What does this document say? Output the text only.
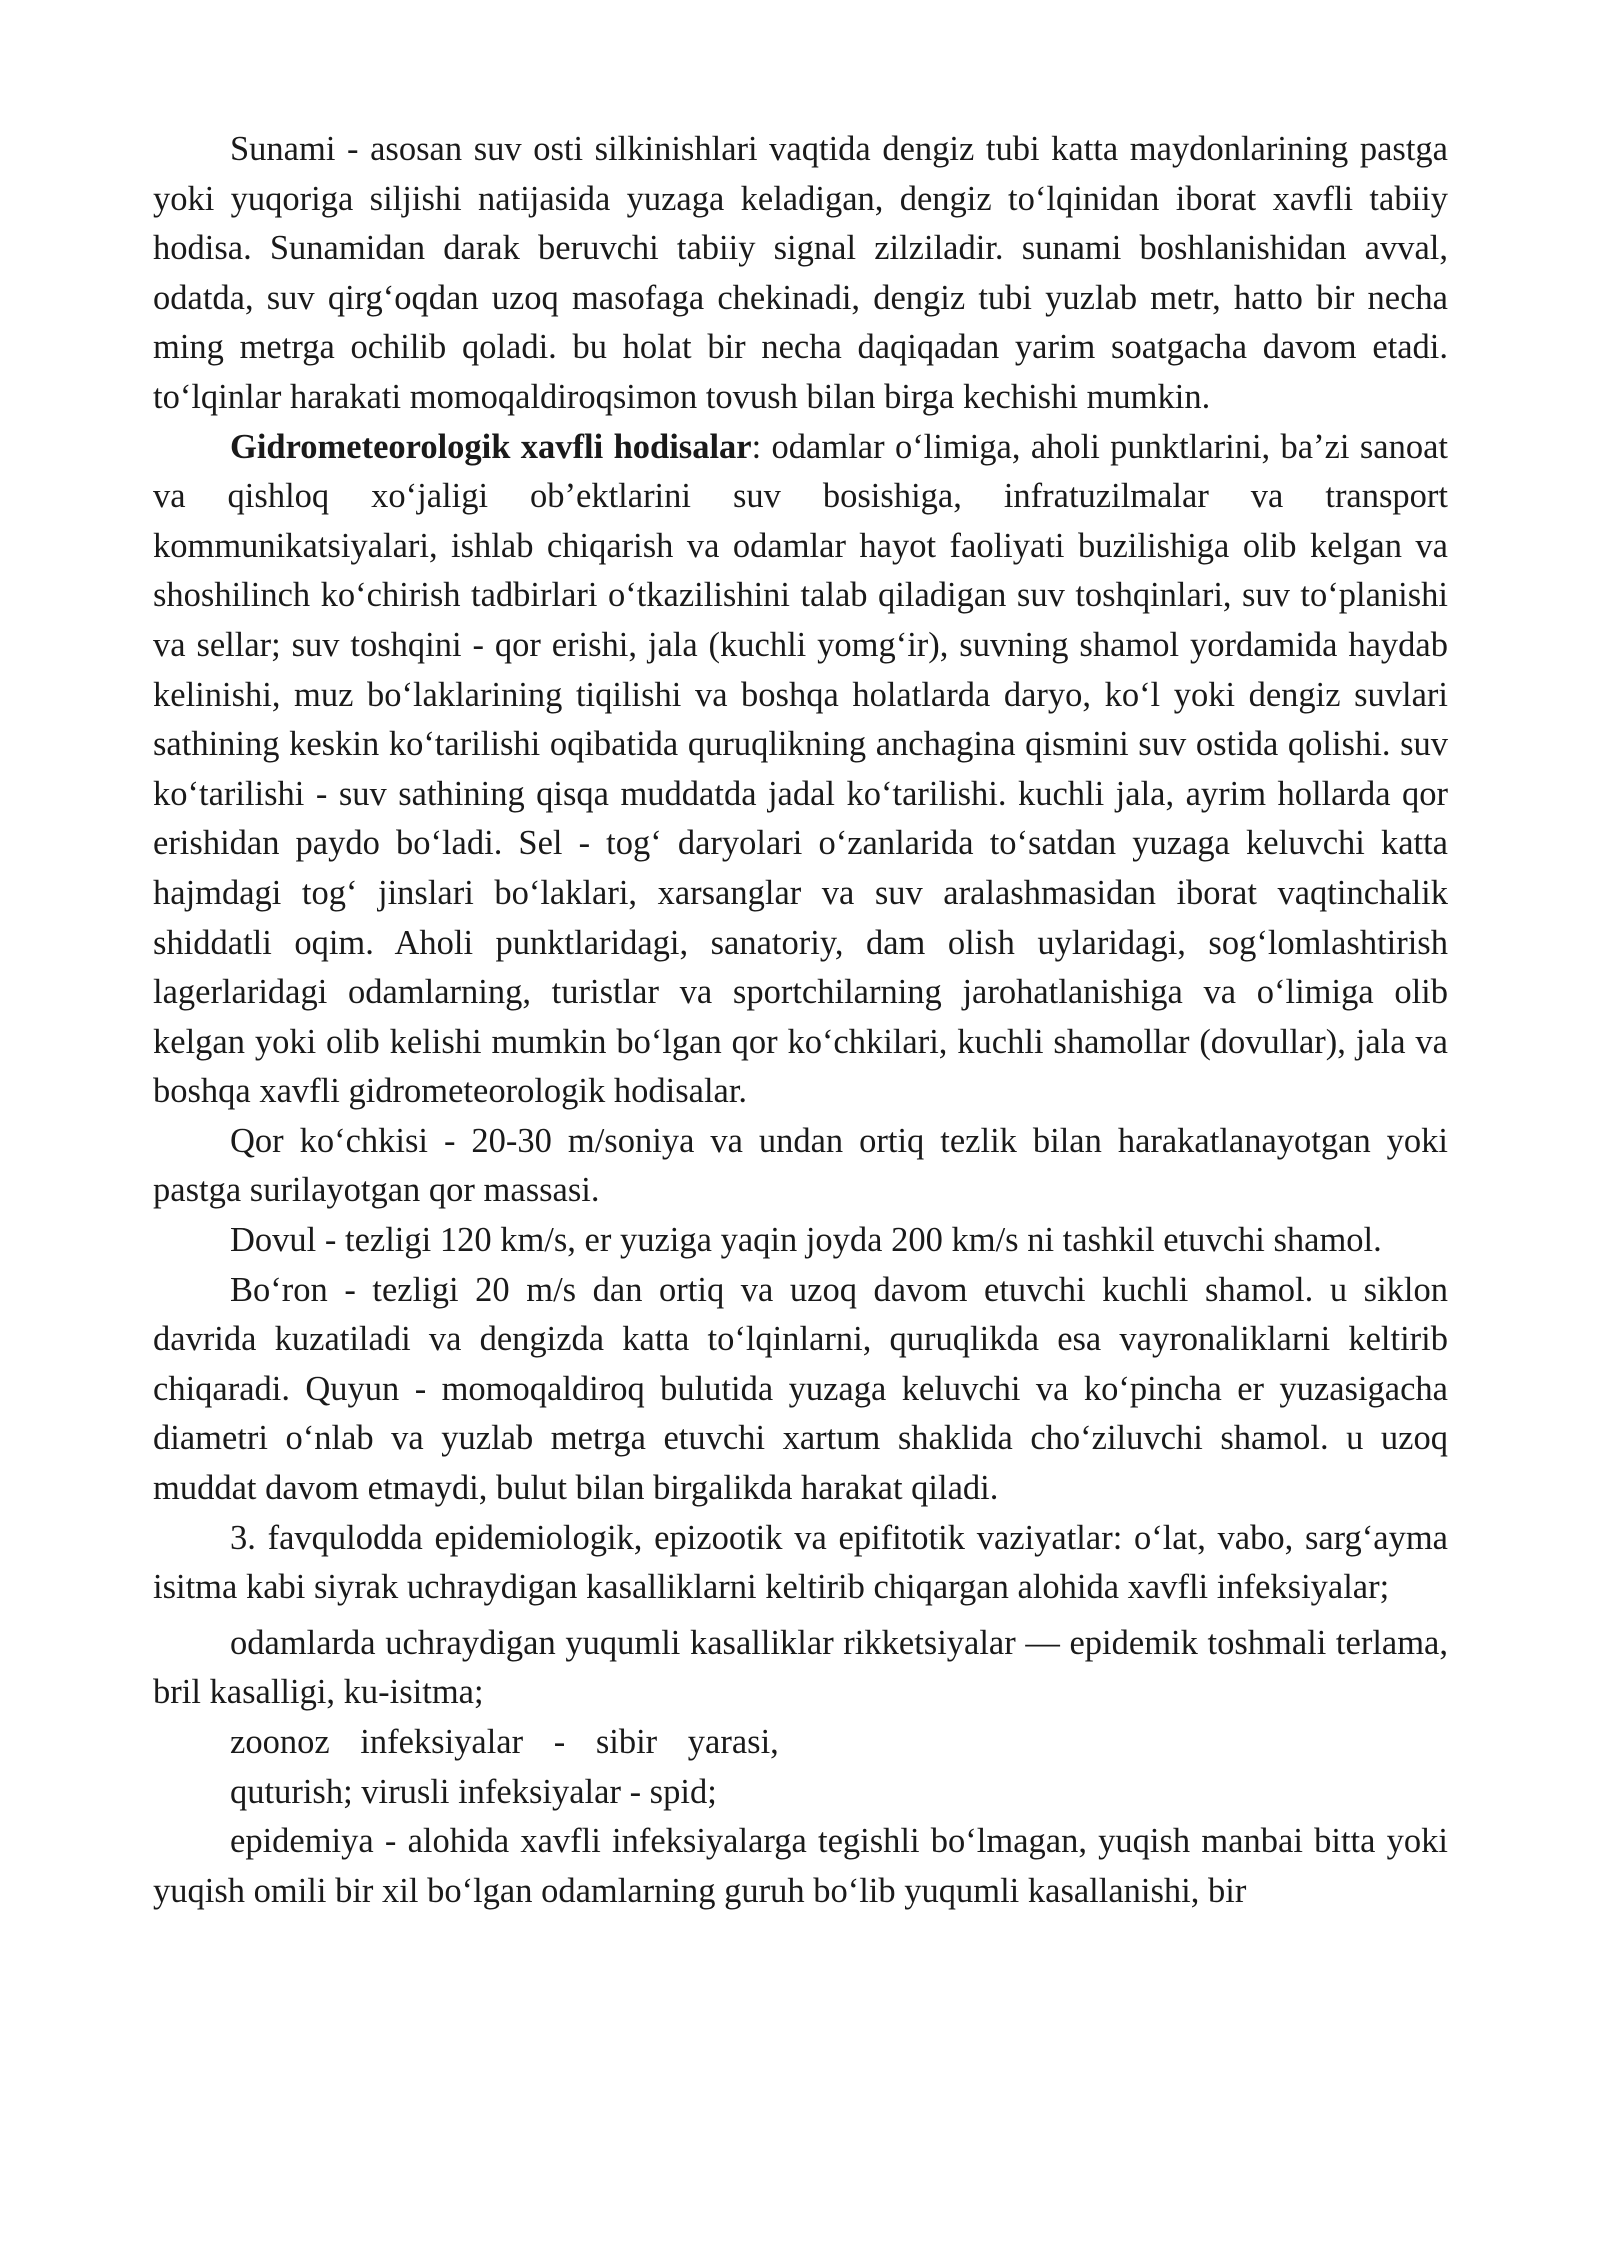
Sunami - asosan suv osti silkinishlari vaqtida dengiz tubi katta maydonlarining pastga yoki yuqoriga siljishi natijasida yuzaga keladigan, dengiz toʻlqinidan iborat xavfli tabiiy hodisa. Sunamidan darak beruvchi tabiiy signal zilziladir. sunami boshlanishidan avval, odatda, suv qirgʻoqdan uzoq masofaga chekinadi, dengiz tubi yuzlab metr, hatto bir necha ming metrga ochilib qoladi. bu holat bir necha daqiqadan yarim soatgacha davom etadi. toʻlqinlar harakati momoqaldiroqsimon tovush bilan birga kechishi mumkin.

Gidrometeorologik xavfli hodisalar: odamlar oʻlimiga, aholi punktlarini, baʼzi sanoat va qishloq xoʻjaligi obʼektlarini suv bosishiga, infratuzilmalar va transport kommunikatsiyalari, ishlab chiqarish va odamlar hayot faoliyati buzilishiga olib kelgan va shoshilinch koʻchirish tadbirlari oʻtkazilishini talab qiladigan suv toshqinlari, suv toʻplanishi va sellar; suv toshqini - qor erishi, jala (kuchli yomgʻir), suvning shamol yordamida haydab kelinishi, muz boʻlaklarining tiqilishi va boshqa holatlarda daryo, koʻl yoki dengiz suvlari sathining keskin koʻtarilishi oqibatida quruqlikning anchagina qismini suv ostida qolishi. suv koʻtarilishi - suv sathining qisqa muddatda jadal koʻtarilishi. kuchli jala, ayrim hollarda qor erishidan paydo boʻladi. Sel - togʻ daryolari oʻzanlarida toʻsatdan yuzaga keluvchi katta hajmdagi togʻ jinslari boʻlaklari, xarsanglar va suv aralashmasidan iborat vaqtinchalik shiddatli oqim. Aholi punktlaridagi, sanatoriy, dam olish uylaridagi, sogʻlomlashtirish lagerlaridagi odamlarning, turistlar va sportchilarning jarohatlanishiga va oʻlimiga olib kelgan yoki olib kelishi mumkin boʻlgan qor koʻchkilari, kuchli shamollar (dovullar), jala va boshqa xavfli gidrometeorologik hodisalar.

Qor koʻchkisi - 20-30 m/soniya va undan ortiq tezlik bilan harakatlanayotgan yoki pastga surilayotgan qor massasi.

Dovul - tezligi 120 km/s, er yuziga yaqin joyda 200 km/s ni tashkil etuvchi shamol.

Boʻron - tezligi 20 m/s dan ortiq va uzoq davom etuvchi kuchli shamol. u siklon davrida kuzatiladi va dengizda katta toʻlqinlarni, quruqlikda esa vayronaliklarni keltirib chiqaradi. Quyun - momoqaldiroq bulutida yuzaga keluvchi va koʻpincha er yuzasigacha diametri oʻnlab va yuzlab metrga etuvchi xartum shaklida choʻziluvchi shamol. u uzoq muddat davom etmaydi, bulut bilan birgalikda harakat qiladi.

3. favqulodda epidemiologik, epizootik va epifitotik vaziyatlar: oʻlat, vabo, sargʻayma isitma kabi siyrak uchraydigan kasalliklarni keltirib chiqargan alohida xavfli infeksiyalar;

odamlarda uchraydigan yuqumli kasalliklar rikketsiyalar — epidemik toshmali terlama, bril kasalligi, ku-isitma;

zoonoz infeksiyalar - sibir yarasi,

quturish; virusli infeksiyalar - spid;

epidemiya - alohida xavfli infeksiyalarga tegishli boʻlmagan, yuqish manbai bitta yoki yuqish omili bir xil boʻlgan odamlarning guruh boʻlib yuqumli kasallanishi, bir
